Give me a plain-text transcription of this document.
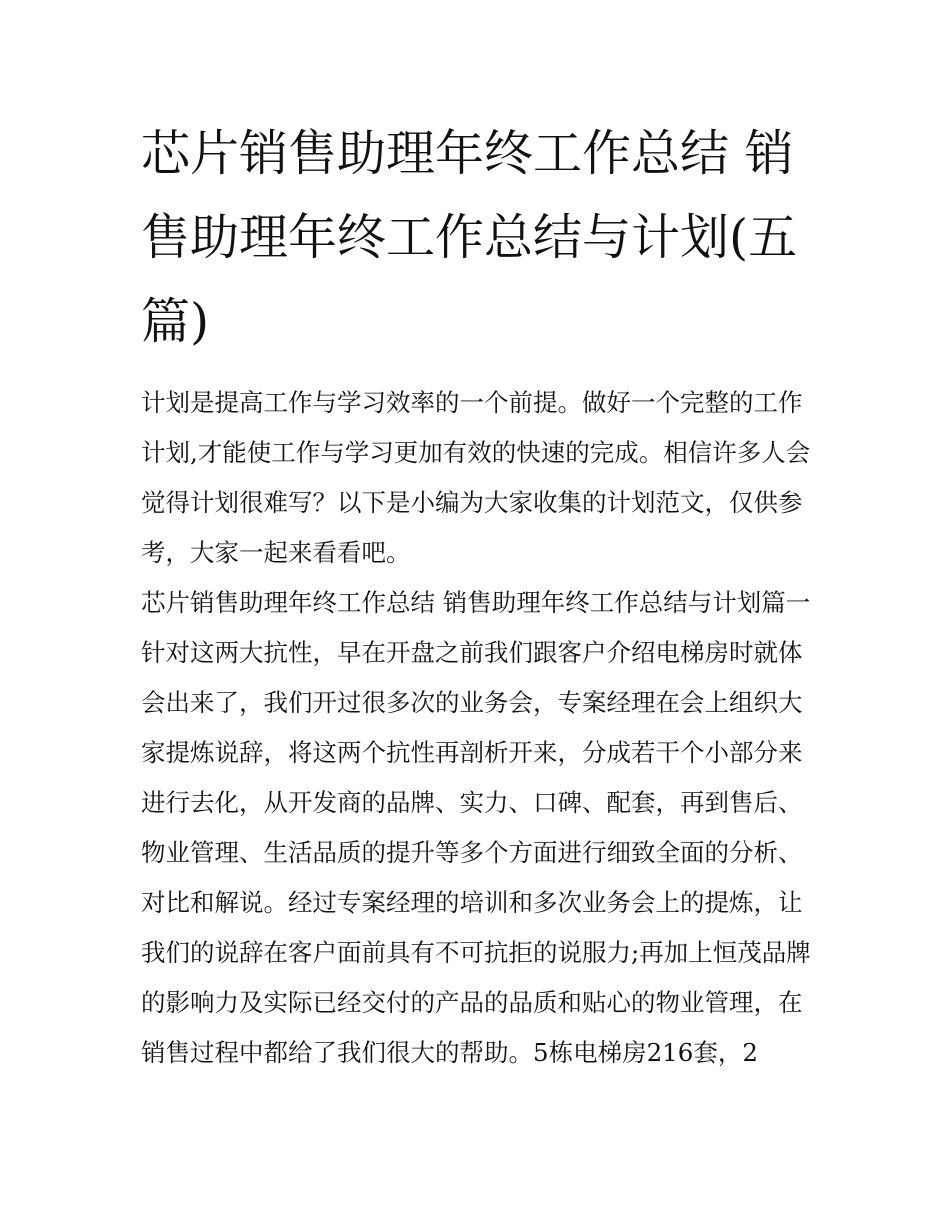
芯片销售助理年终工作总结 销售助理年终工作总结与计划(五篇)

计划是提高工作与学习效率的一个前提。做好一个完整的工作计划,才能使工作与学习更加有效的快速的完成。相信许多人会觉得计划很难写？以下是小编为大家收集的计划范文，仅供参考，大家一起来看看吧。

芯片销售助理年终工作总结 销售助理年终工作总结与计划篇一

针对这两大抗性，早在开盘之前我们跟客户介绍电梯房时就体会出来了，我们开过很多次的业务会，专案经理在会上组织大家提炼说辞，将这两个抗性再剖析开来，分成若干个小部分来进行去化，从开发商的品牌、实力、口碑、配套，再到售后、物业管理、生活品质的提升等多个方面进行细致全面的分析、对比和解说。经过专案经理的培训和多次业务会上的提炼，让我们的说辞在客户面前具有不可抗拒的说服力;再加上恒茂品牌的影响力及实际已经交付的产品的品质和贴心的物业管理，在销售过程中都给了我们很大的帮助。5栋电梯房216套，2
